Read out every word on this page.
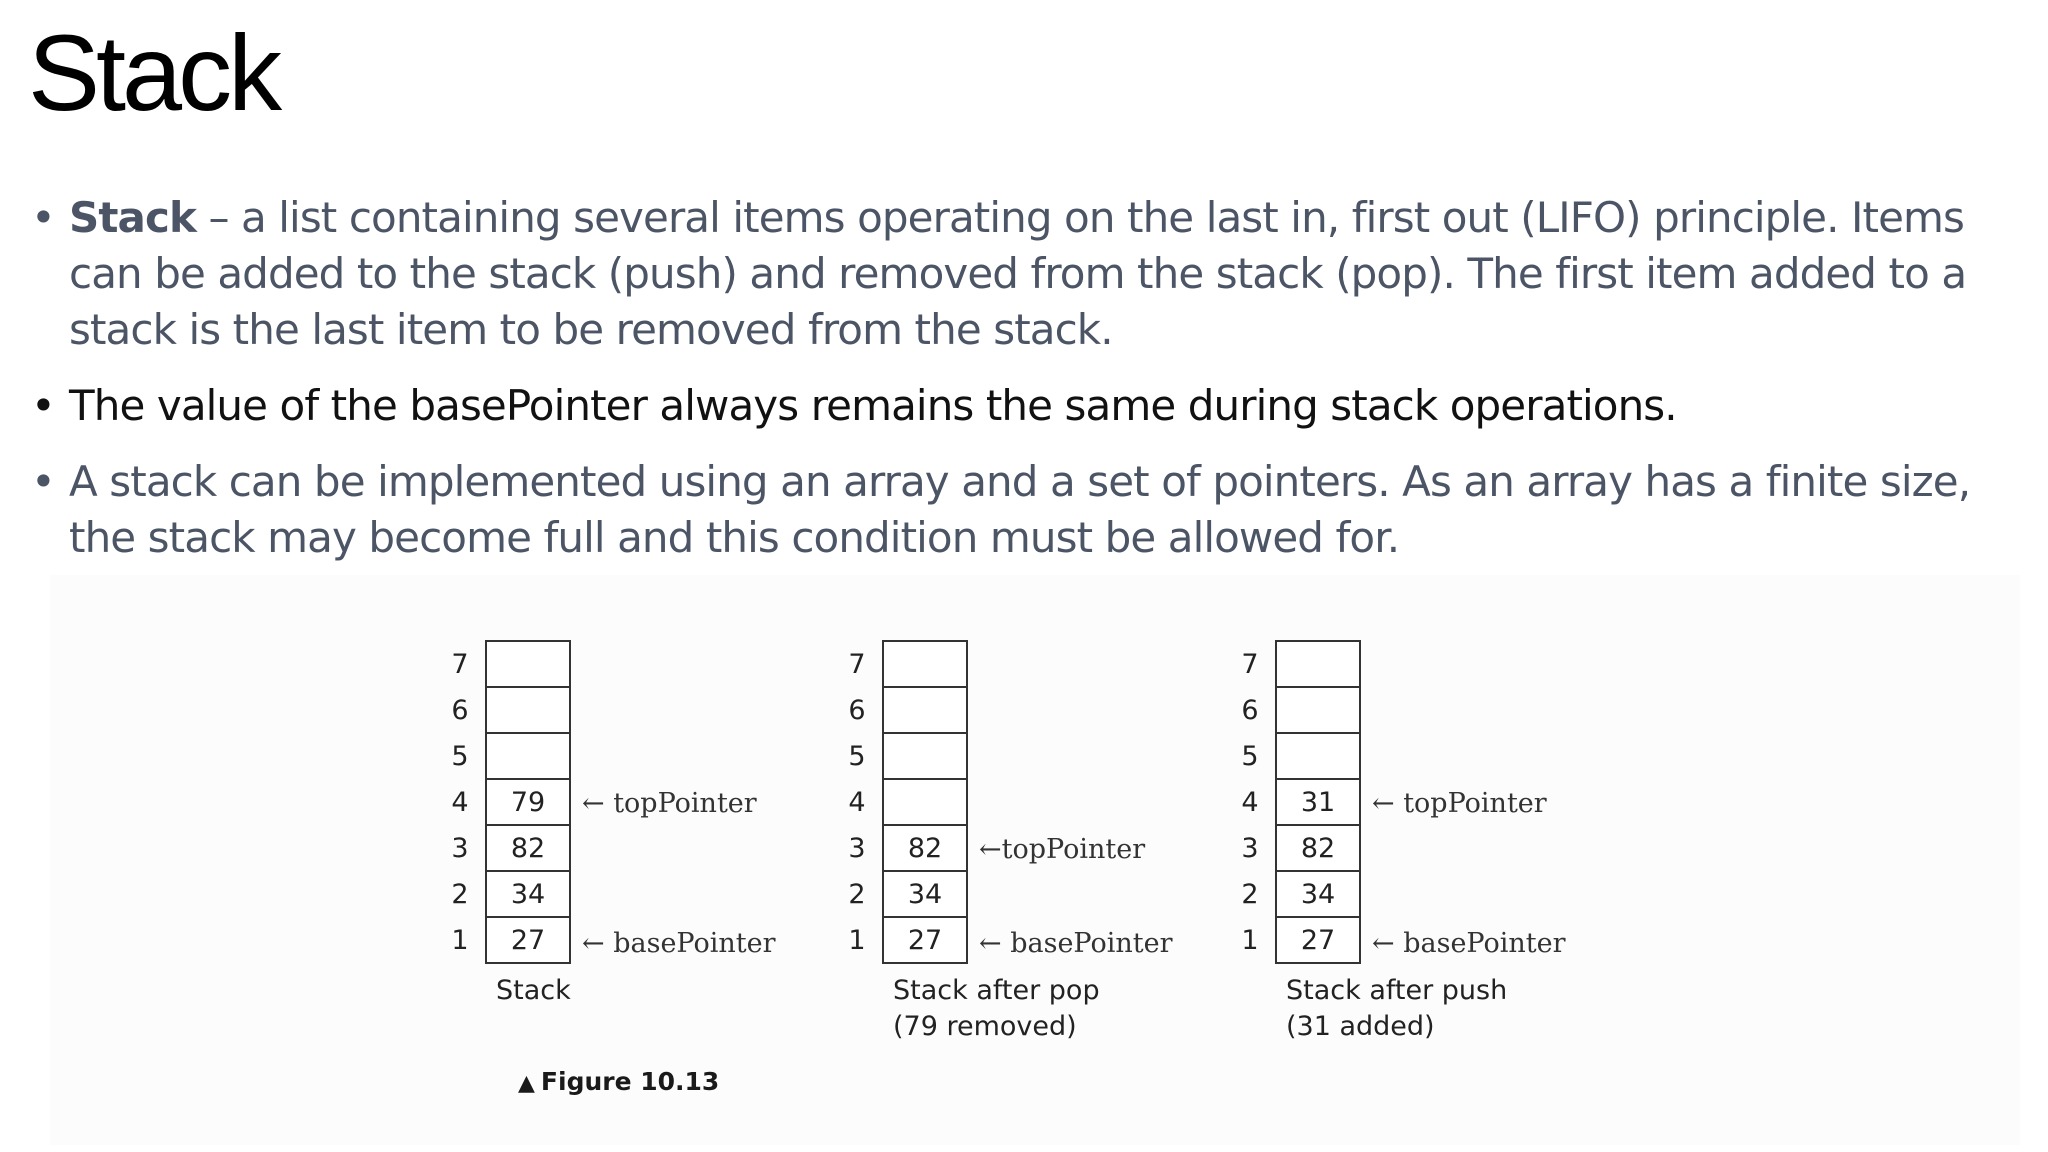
Stack
• Stack – a list containing several items operating on the last in, first out (LIFO) principle. Items can be added to the stack (push) and removed from the stack (pop). The first item added to a stack is the last item to be removed from the stack.
• The value of the basePointer always remains the same during stack operations.
• A stack can be implemented using an array and a set of pointers. As an array has a finite size, the stack may become full and this condition must be allowed for.
7
6
5
4 79
3 82
2 34
1 27
← topPointer
← basePointer
Stack
7
6
5
4
3 82
2 34
1 27
←topPointer
← basePointer
Stack after pop
(79 removed)
7
6
5
4 31
3 82
2 34
1 27
← topPointer
← basePointer
Stack after push
(31 added)
▲ Figure 10.13
